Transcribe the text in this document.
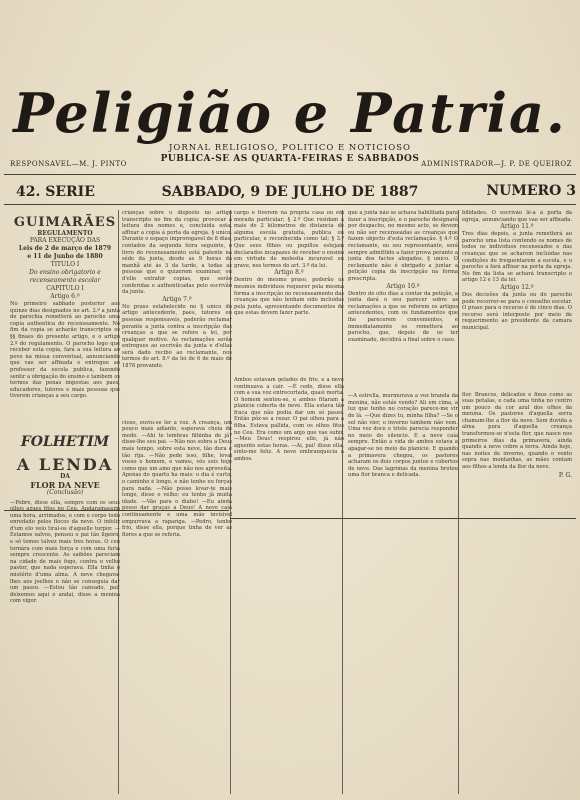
Peligião e Patria.
JORNAL RELIGIOSO, POLITICO E NOTICIOSO
PUBLICA-SE AS QUARTA-FEIRAS E SABBADOS
RESPONSAVEL—M. J. PINTO	ADMINISTRADOR—J. P. DE QUEIROZ
42. SERIE	SABBADO, 9 DE JULHO DE 1887	NUMERO 3
GUIMARÃES
REGULAMENTO
PARA EXECUÇÃO DAS
Leis de 2 de março de 1879
e 11 de Junho de 1880
TITULO I
Do ensino obrigatorio e recenseamento escolar
CAPITULO I
Artigo 6.º
No primeiro sabbado posterior aos quinze dias designados no art. 2.º a junta de parochia remetterá ao parocho uma copia authentica do recenseamento. No fim da copia se acharão transcriptos os §§ finaes do presente artigo, e o artigo 2.º do regulamento. O parocho logo que receber esta copia, fará a sua leitura ao povo na missa conventual, annunciando que vae ser affixada e entregue ao professor da escola publica, fazendo sentir a obrigação do ensino e tambem os termos das penas impostas aos paes, educadores, tutores e mais pessoas que tiverem crianças a seu cargo.
FOLHETIM
A LENDA
DA
FLOR DA NEVE
(Conclusão)
—Pobre, disse ella, sempre com os seus olhos azues fitos no Ceu. Andaramassim uma hora, arrimados, e com o corpo todo enredado pelos flocos da neve. O infeliz d'um elo veio tiral-os d'aquelle torpor. —Estamos salvos, pensou o pai tão ligeiro, e só temos talvez mais tres horas. O ceu tornára com mais força e com uma furia sempre crescente. As saibões pareciam na cidade de mais fogo, contra o velho pastor, que nada esperava. Ella tinha o mistério d'uma alma. A neve chegava-lhes aos joelhos e não se conseguia dar um passo. —Estou tão cansado, pai! deixemos aqui e andai, disse a menina com vigor.
crianças sobre o disposto no artigo transcripto no fim da copia; provocar á leitura dos nomes e, concluida esta, affixar a copia á porta da egreja. § unico. Durante o espaço improrogavel de 8 dias, contados da segunda feira seguinte, o livro do recenseamento está patente na séde da junta, desde as 9 horas da manhã até ás 3 da tarde, a todas as pessoas que o quizerem examinar, ou d'elle extrahir copias, que serão conferidas e authenticadas pelo escrivão da junta.
Artigo 7.º
No praso estabelecido no § unico do artigo antecedente, paes, tutores ou pessoas responsaveis, poderão reclamar perante a junta contra a inscripção das creanças a que se refere a lei, por qualquer motivo. As reclamações serão entregues ao escrivão da junta e d'ellas será dado recibo ao reclamante, nos termos do art. 8.º da lei de 6 de maio de 1878 provando.
cioso, ouviu-se ler a voz. A creança, um pouco mais adiante, esperava cheia de medo. —Ahi te lembras filhinha de já? disse-lhe seu pai. —Não nos sobra a Deus mais tempo, sobre esta neve, tão dura e tão rija. —Não pede isso, filhe, levai vosso o homem, e vamos, vós sois hoje como que um amo que não nos aproveita. Apenas do quarto ha mais: o dia é curto, o caminho é longo, e não tenho eu forças para nada. —Não posso levar-te mais longe, disse o velho; eu tenho já muita idade. —Vão para o diabo! —Eu ainda posso dar graças a Deus! A neve caía continuamente e uma mão invisivel empurrava a rapariga. —Pedro, tenho frio, disse ella, porque tinha de ver as flores a que se referia.
cargo e tiverem na propria casa ou em morada particular; § 2.º Que residam a mais de 2 kilometros de distancia de alguma escola gratuita, publica ou particular, e reconhecida como tal; § 3.º Que seus filhos ou pupillos estejam declarados incapazes de receber o ensino em virtude de molestia incuravel ou grave, nos termos do art. 3.º da lei.
Artigo 8.º
Dentro do mesmo praso, poderão os mesmos individuos requerer pela mesma forma a inscripção no recenseamento das creanças que não tenham sido incluidas pela junta, apresentando documentos de que estas devem fazer parte.
Ambos estavam gelados de frio, e a neve continuava a cair. —É cedo, disse ella com a sua voz entrecortada, quasi morta. O homem sentou-se, e ambos fitaram a planicie coberta de neve. Ella estava tão fraca que não podia dar um só passo. Então pôz-se a rezar. O pai olhou para a filha. Estava pallida, com os olhos fitos no Ceu. Era como um anjo que vae subir. —Meu Deus! respirou elle, já não aguento estas horas. —Ai, pai! disse ella, sinto-me feliz. A neve embranquecia a ambos.
que a junta não se achava habilitada para fazer a inscripção, e o parocho designará por despacho, no mesmo acto, se devem ou não ser recenseadas as creanças que fazem objecto d'esta reclamação. § 4.º O reclamante, ou seu representante, será sempre admittido a fazer prova perante a junta dos factos alegados. § unico. O reclamante não é obrigado a juntar a petição copia da inscripção na forma prescripta.
Artigo 10.º
Dentro de oito dias a contar da petição, a junta dará o seu parecer sobre as reclamações a que se referem os artigos antecedentes, com os fundamentos que lhe parecerem convenientes, e immediatamente os remetterá ao parocho, que, depois de os ter examinado, decidirá a final sobre o caso.
—A estrella, murmurava a voz branda da menina, não estás vendo? Ali em cima, a luz que tenho no coração parece-me vir de lá. —Que dizes tu, minha filha? —Se o sol não vier, o inverno tambem não vem. Uma voz doce e triste parecia responder no meio do silencio. E a neve caía sempre. Então a vida de ambos estava a apagar-se no meio da planicie. E quando a primavera chegou, os pastores acharam os dois corpos juntos e cobertos de neve. Das lagrimas da menina brotou uma flor branca e delicada.
bilidades. O escrivão lê-a á porta da egreja, annunciando que vae ser affixada.
Artigo 11.º
Tres dias depois, a junta remetterá ao parocho uma lista contendo os nomes de todos os individuos recenseados e das creanças que se acharem incluidas nas condições de frequentarem a escola, e o parocho a fará affixar na porta da egreja. No fim da lista se achará transcripto o artigo 12 e 13 da lei.
Artigo 12.º
Dos decisões da junta ou do parocho pode recorrer-se para o conselho escolar. O praso para o recurso é de cinco dias. O recurso será interposto por meio de requerimento ao presidente da camara municipal.
flor. Brancos, delicados e finos como as suas petalas, e cada uma tinha no centro um pouco da cor azul dos olhos da menina. Os pastores d'aquella serra chamam-lhe a flor da neve. Sem duvida a alma pura d'aquella creança transformou-se n'esta flor, que nasce nos primeiros dias da primavera, ainda quando a neve cobre a terra. Ainda hoje, nas noites de inverno, quando o vento sopra nas montanhas, as mães contam aos filhos a lenda da flor da neve.
P. G.
